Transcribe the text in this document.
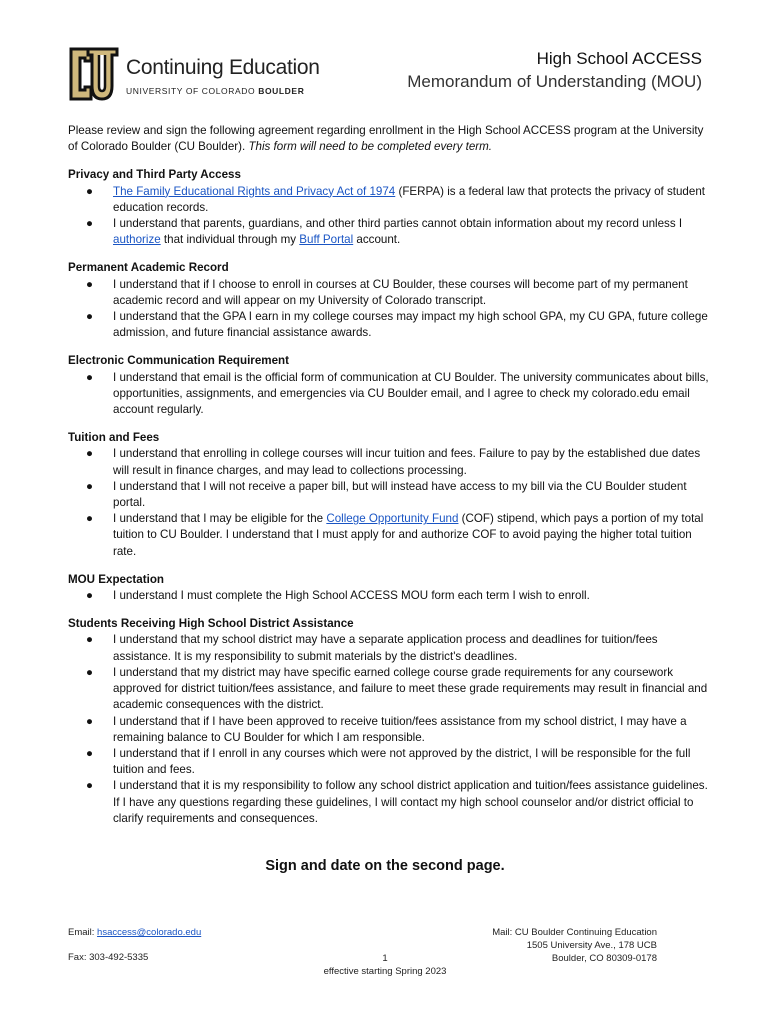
Continuing Education
UNIVERSITY OF COLORADO BOULDER
High School ACCESS
Memorandum of Understanding (MOU)

Please review and sign the following agreement regarding enrollment in the High School ACCESS program at the University of Colorado Boulder (CU Boulder). This form will need to be completed every term.

Privacy and Third Party Access
● The Family Educational Rights and Privacy Act of 1974 (FERPA) is a federal law that protects the privacy of student education records.
● I understand that parents, guardians, and other third parties cannot obtain information about my record unless I authorize that individual through my Buff Portal account.
Permanent Academic Record
● I understand that if I choose to enroll in courses at CU Boulder, these courses will become part of my permanent academic record and will appear on my University of Colorado transcript.
● I understand that the GPA I earn in my college courses may impact my high school GPA, my CU GPA, future college admission, and future financial assistance awards.
Electronic Communication Requirement
● I understand that email is the official form of communication at CU Boulder. The university communicates about bills, opportunities, assignments, and emergencies via CU Boulder email, and I agree to check my colorado.edu email account regularly.
Tuition and Fees
● I understand that enrolling in college courses will incur tuition and fees. Failure to pay by the established due dates will result in finance charges, and may lead to collections processing.
● I understand that I will not receive a paper bill, but will instead have access to my bill via the CU Boulder student portal.
● I understand that I may be eligible for the College Opportunity Fund (COF) stipend, which pays a portion of my total tuition to CU Boulder. I understand that I must apply for and authorize COF to avoid paying the higher total tuition rate.
MOU Expectation
● I understand I must complete the High School ACCESS MOU form each term I wish to enroll.
Students Receiving High School District Assistance
● I understand that my school district may have a separate application process and deadlines for tuition/fees assistance. It is my responsibility to submit materials by the district's deadlines.
● I understand that my district may have specific earned college course grade requirements for any coursework approved for district tuition/fees assistance, and failure to meet these grade requirements may result in financial and academic consequences with the district.
● I understand that if I have been approved to receive tuition/fees assistance from my school district, I may have a remaining balance to CU Boulder for which I am responsible.
● I understand that if I enroll in any courses which were not approved by the district, I will be responsible for the full tuition and fees.
● I understand that it is my responsibility to follow any school district application and tuition/fees assistance guidelines. If I have any questions regarding these guidelines, I will contact my high school counselor and/or district official to clarify requirements and consequences.
Sign and date on the second page.
Email: hsaccess@colorado.edu
Fax: 303-492-5335	1
effective starting Spring 2023
Mail: CU Boulder Continuing Education
1505 University Ave., 178 UCB
Boulder, CO 80309-0178
